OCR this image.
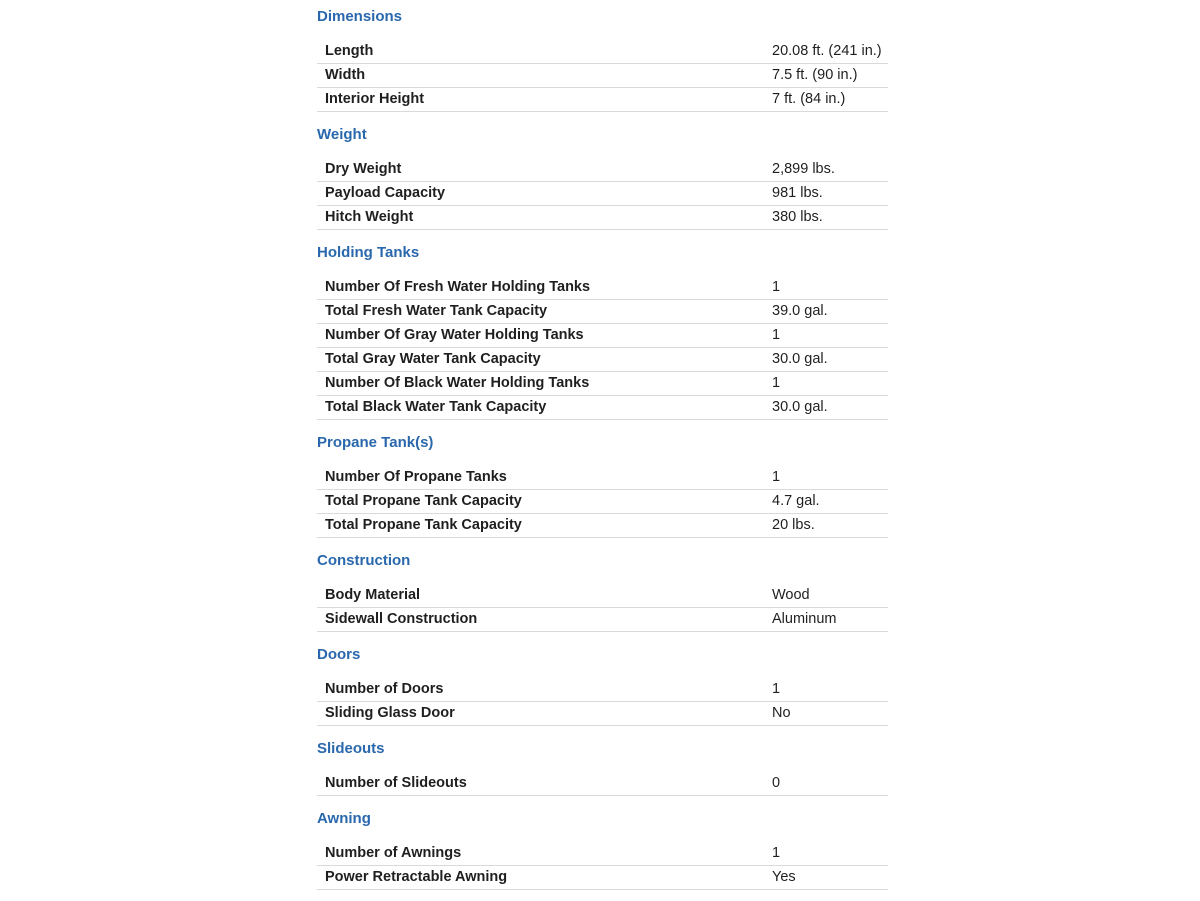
Dimensions
Length	20.08 ft. (241 in.)
Width	7.5 ft. (90 in.)
Interior Height	7 ft. (84 in.)
Weight
Dry Weight	2,899 lbs.
Payload Capacity	981 lbs.
Hitch Weight	380 lbs.
Holding Tanks
Number Of Fresh Water Holding Tanks	1
Total Fresh Water Tank Capacity	39.0 gal.
Number Of Gray Water Holding Tanks	1
Total Gray Water Tank Capacity	30.0 gal.
Number Of Black Water Holding Tanks	1
Total Black Water Tank Capacity	30.0 gal.
Propane Tank(s)
Number Of Propane Tanks	1
Total Propane Tank Capacity	4.7 gal.
Total Propane Tank Capacity	20 lbs.
Construction
Body Material	Wood
Sidewall Construction	Aluminum
Doors
Number of Doors	1
Sliding Glass Door	No
Slideouts
Number of Slideouts	0
Awning
Number of Awnings	1
Power Retractable Awning	Yes
